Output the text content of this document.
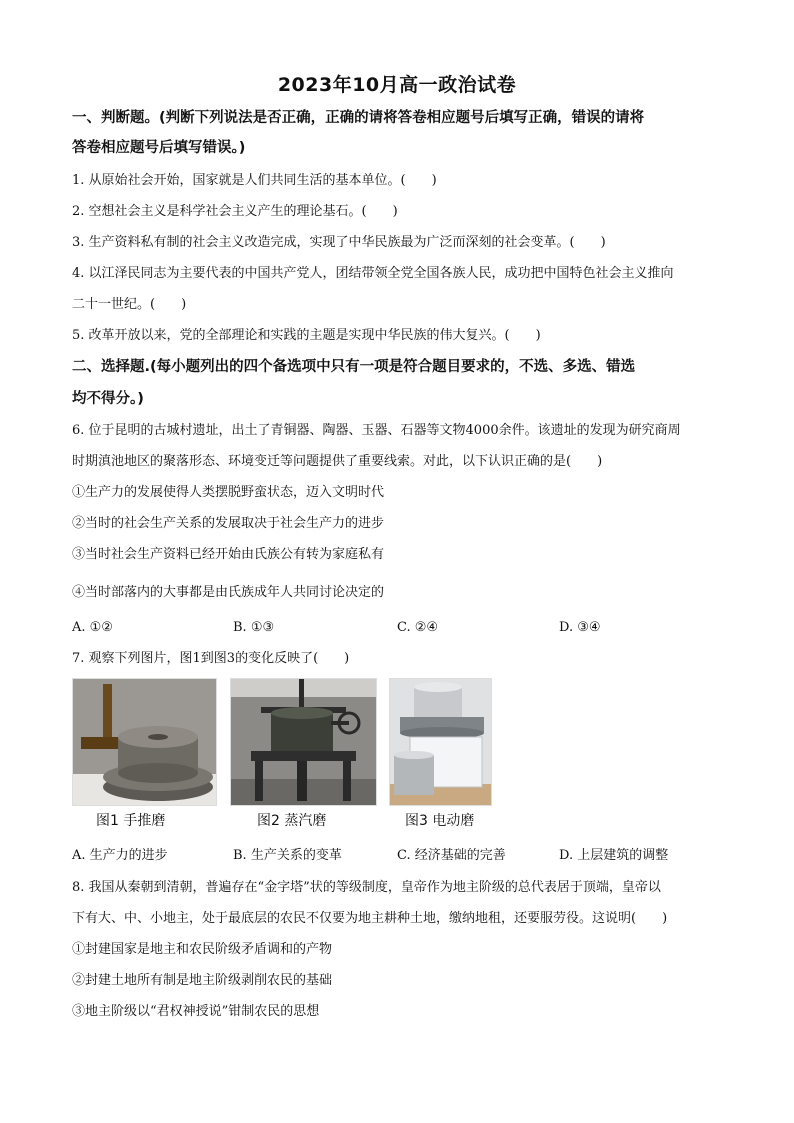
2023年10月高一政治试卷
一、判断题。(判断下列说法是否正确，正确的请将答卷相应题号后填写正确，错误的请将
答卷相应题号后填写错误。)
1. 从原始社会开始，国家就是人们共同生活的基本单位。(　　)
2. 空想社会主义是科学社会主义产生的理论基石。(　　)
3. 生产资料私有制的社会主义改造完成，实现了中华民族最为广泛而深刻的社会变革。(　　)
4. 以江泽民同志为主要代表的中国共产党人，团结带领全党全国各族人民，成功把中国特色社会主义推向
二十一世纪。(　　)
5. 改革开放以来，党的全部理论和实践的主题是实现中华民族的伟大复兴。(　　)
二、选择题.(每小题列出的四个备选项中只有一项是符合题目要求的，不选、多选、错选
均不得分。)
6. 位于昆明的古城村遗址，出土了青铜器、陶器、玉器、石器等文物4000余件。该遗址的发现为研究商周
时期滇池地区的聚落形态、环境变迁等问题提供了重要线索。对此，以下认识正确的是(　　)
①生产力的发展使得人类摆脱野蛮状态，迈入文明时代
②当时的社会生产关系的发展取决于社会生产力的进步
③当时社会生产资料已经开始由氏族公有转为家庭私有
④当时部落内的大事都是由氏族成年人共同讨论决定的
A. ①②	B. ①③	C. ②④	D. ③④
7. 观察下列图片，图1到图3的变化反映了(　　)
图1 手推磨	图2 蒸汽磨	图3 电动磨
A. 生产力的进步	B. 生产关系的变革	C. 经济基础的完善	D. 上层建筑的调整
8. 我国从秦朝到清朝，普遍存在“金字塔”状的等级制度，皇帝作为地主阶级的总代表居于顶端，皇帝以
下有大、中、小地主，处于最底层的农民不仅要为地主耕种土地，缴纳地租，还要服劳役。这说明(　　)
①封建国家是地主和农民阶级矛盾调和的产物
②封建土地所有制是地主阶级剥削农民的基础
③地主阶级以“君权神授说”钳制农民的思想
